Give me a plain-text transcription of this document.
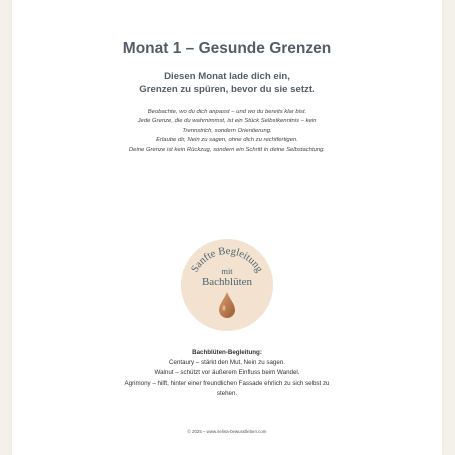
Monat 1 – Gesunde Grenzen
Diesen Monat lade dich ein,
Grenzen zu spüren, bevor du sie setzt.
Beobachte, wo du dich anpasst – und wo du bereits klar bist.
Jede Grenze, die du wahrnimmst, ist ein Stück Selbstkenntnis – kein
Trennstrich, sondern Orientierung.
Erlaube dir, Nein zu sagen, ohne dich zu rechtfertigen.
Deine Grenze ist kein Rückzug, sondern ein Schritt in deine Selbstachtung.
Sanfte Begleitung
mit
Bachblüten
Bachblüten-Begleitung:
Centaury – stärkt den Mut, Nein zu sagen.
Walnut – schützt vor äußerem Einfluss beim Wandel.
Agrimony – hilft, hinter einer freundlichen Fassade ehrlich zu sich selbst zu
stehen.
© 2025 – www.selina-bewusstleben.com
